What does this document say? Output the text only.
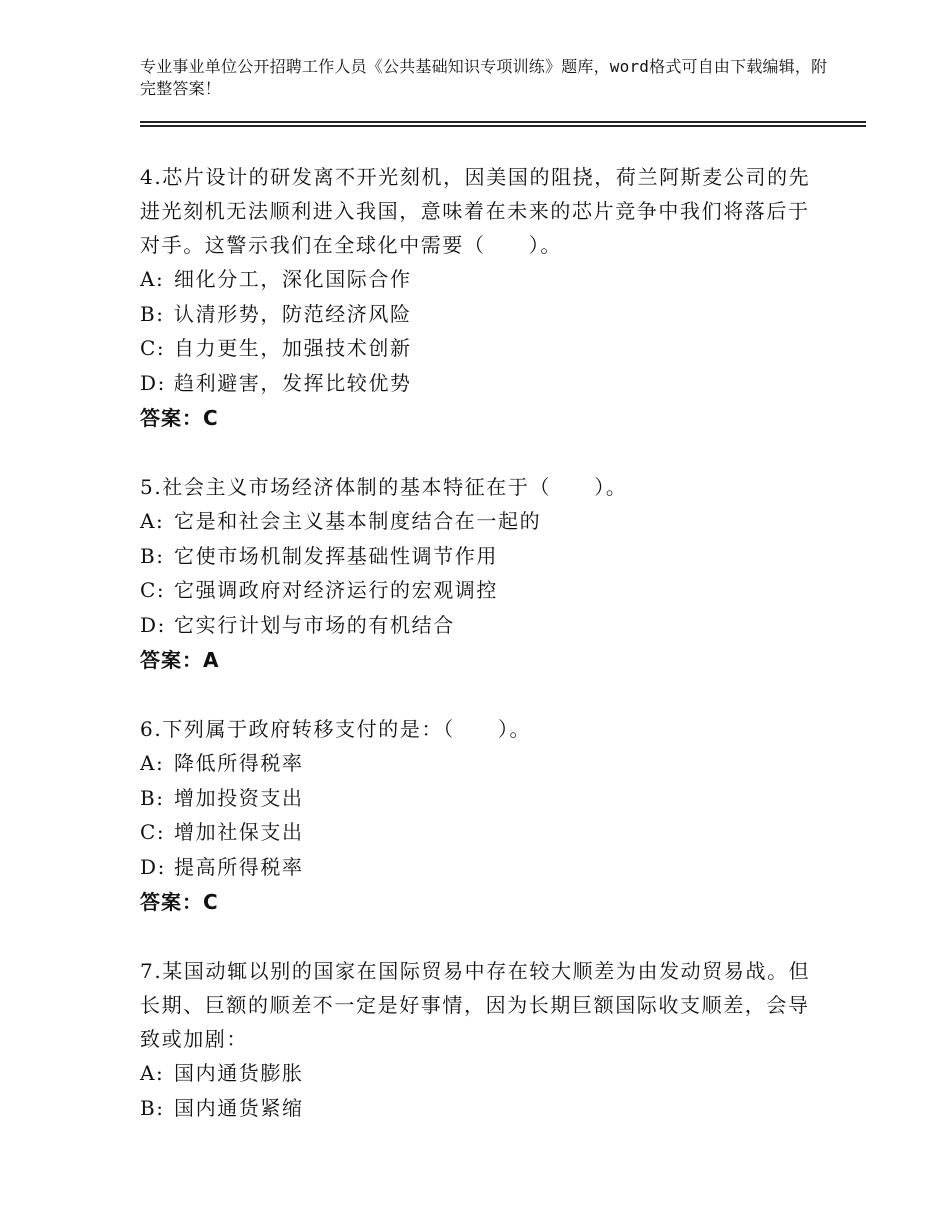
专业事业单位公开招聘工作人员《公共基础知识专项训练》题库，word格式可自由下载编辑，附完整答案！
4.芯片设计的研发离不开光刻机，因美国的阻挠，荷兰阿斯麦公司的先进光刻机无法顺利进入我国，意味着在未来的芯片竞争中我们将落后于对手。这警示我们在全球化中需要（　　）。
A: 细化分工，深化国际合作
B: 认清形势，防范经济风险
C: 自力更生，加强技术创新
D: 趋利避害，发挥比较优势
答案：C
5.社会主义市场经济体制的基本特征在于（　　）。
A: 它是和社会主义基本制度结合在一起的
B: 它使市场机制发挥基础性调节作用
C: 它强调政府对经济运行的宏观调控
D: 它实行计划与市场的有机结合
答案：A
6.下列属于政府转移支付的是：（　　）。
A: 降低所得税率
B: 增加投资支出
C: 增加社保支出
D: 提高所得税率
答案：C
7.某国动辄以别的国家在国际贸易中存在较大顺差为由发动贸易战。但长期、巨额的顺差不一定是好事情，因为长期巨额国际收支顺差，会导致或加剧：
A: 国内通货膨胀
B: 国内通货紧缩
